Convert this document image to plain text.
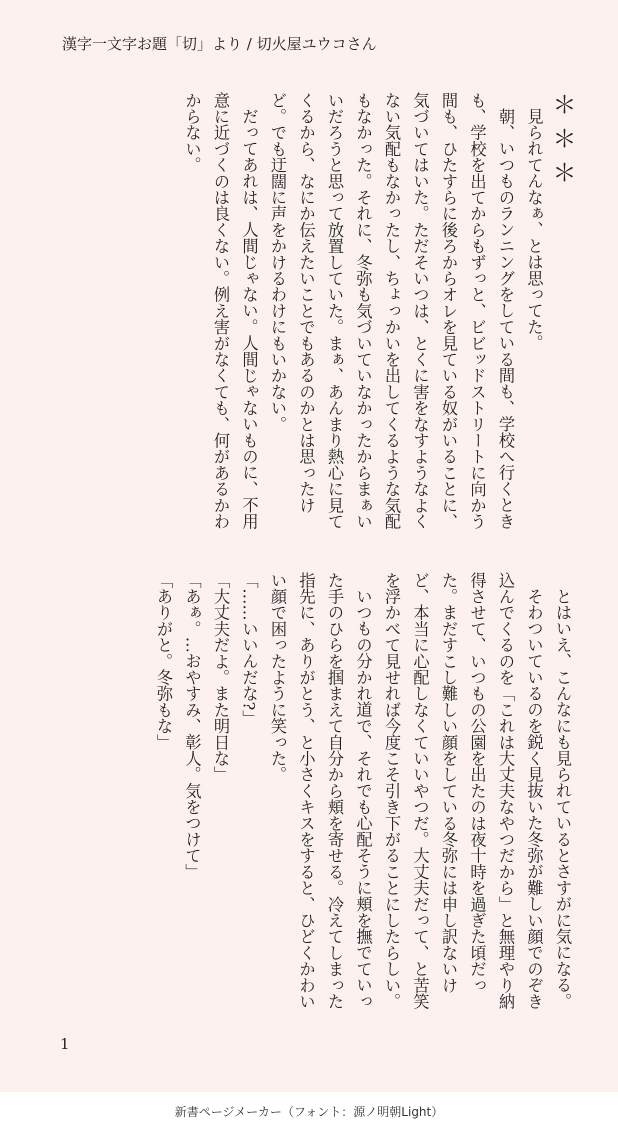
漢字一文字お題「切」より / 切火屋ユウコさん

＊＊＊

見られてんなぁ、とは思ってた。

朝、いつものランニングをしている間も、学校へ行くときも、学校を出てからもずっと、ビビッドストリートに向かう間も、ひたすらに後ろからオレを見ている奴がいることに、気づいてはいた。ただそいつは、とくに害をなすようなよくない気配もなかったし、ちょっかいを出してくるような気配もなかった。それに、冬弥も気づいていなかったからまぁいいだろうと思って放置していた。まぁ、あんまり熱心に見てくるから、なにか伝えたいことでもあるのかとは思ったけど。でも迂闊に声をかけるわけにもいかない。

だってあれは、人間じゃない。人間じゃないものに、不用意に近づくのは良くない。例え害がなくても、何があるかわからない。

とはいえ、こんなにも見られているとさすがに気になる。

そわついているのを鋭く見抜いた冬弥が難しい顔でのぞき込んでくるのを「これは大丈夫なやつだから」と無理やり納得させて、いつもの公園を出たのは夜十時を過ぎた頃だった。まだすこし難しい顔をしている冬弥には申し訳ないけど、本当に心配しなくていいやつだ。大丈夫だって、と苦笑を浮かべて見せれば今度こそ引き下がることにしたらしい。

いつもの分かれ道で、それでも心配そうに頬を撫でていった手のひらを掴まえて自分から頬を寄せる。冷えてしまった指先に、ありがとう、と小さくキスをすると、ひどくかわいい顔で困ったように笑った。

「……いいんだな?」

「大丈夫だよ。また明日な」

「あぁ。…おやすみ、彰人。気をつけて」

「ありがと。冬弥もな」

1
新書ページメーカー（フォント：源ノ明朝Light）
